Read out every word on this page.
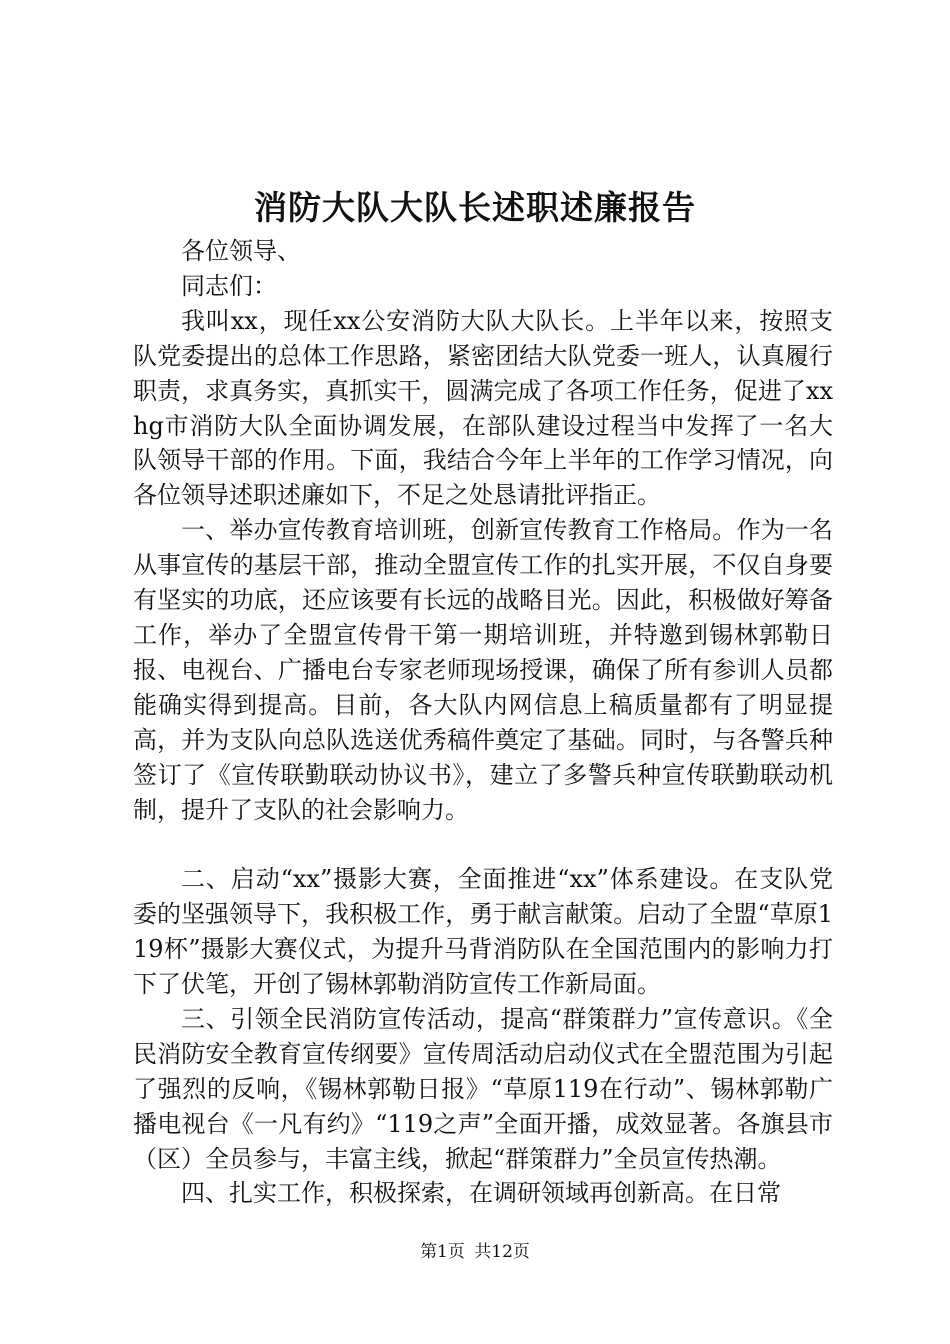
消防大队大队长述职述廉报告

各位领导、

同志们：

我叫xx，现任xx公安消防大队大队长。上半年以来，按照支队党委提出的总体工作思路，紧密团结大队党委一班人，认真履行职责，求真务实，真抓实干，圆满完成了各项工作任务，促进了xxhg市消防大队全面协调发展，在部队建设过程当中发挥了一名大队领导干部的作用。下面，我结合今年上半年的工作学习情况，向各位领导述职述廉如下，不足之处恳请批评指正。

一、举办宣传教育培训班，创新宣传教育工作格局。作为一名从事宣传的基层干部，推动全盟宣传工作的扎实开展，不仅自身要有坚实的功底，还应该要有长远的战略目光。因此，积极做好筹备工作，举办了全盟宣传骨干第一期培训班，并特邀到锡林郭勒日报、电视台、广播电台专家老师现场授课，确保了所有参训人员都能确实得到提高。目前，各大队内网信息上稿质量都有了明显提高，并为支队向总队选送优秀稿件奠定了基础。同时，与各警兵种签订了《宣传联勤联动协议书》，建立了多警兵种宣传联勤联动机制，提升了支队的社会影响力。

二、启动“xx”摄影大赛，全面推进“xx”体系建设。在支队党委的坚强领导下，我积极工作，勇于献言献策。启动了全盟“草原119杯”摄影大赛仪式，为提升马背消防队在全国范围内的影响力打下了伏笔，开创了锡林郭勒消防宣传工作新局面。

三、引领全民消防宣传活动，提高“群策群力”宣传意识。《全民消防安全教育宣传纲要》宣传周活动启动仪式在全盟范围为引起了强烈的反响，《锡林郭勒日报》“草原119在行动”、锡林郭勒广播电视台《一凡有约》“119之声”全面开播，成效显著。各旗县市（区）全员参与，丰富主线，掀起“群策群力”全员宣传热潮。

四、扎实工作，积极探索，在调研领域再创新高。在日常

第1页 共12页
